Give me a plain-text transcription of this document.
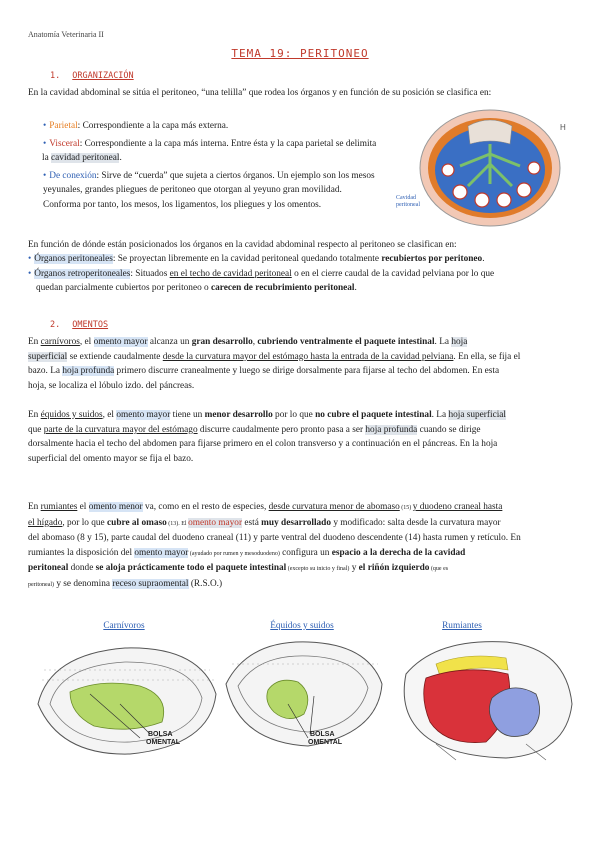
Anatomía Veterinaria II
TEMA 19: PERITONEO
1. ORGANIZACIÓN

En la cavidad abdominal se sitúa el peritoneo, “una telilla” que rodea los órganos y en función de su posición se clasifica en:

• Parietal: Correspondiente a la capa más externa.
• Visceral: Correspondiente a la capa más interna. Entre ésta y la capa parietal se delimita
la cavidad peritoneal.
• De conexión: Sirve de “cuerda” que sujeta a ciertos órganos. Un ejemplo son los mesos
yeyunales, grandes pliegues de peritoneo que otorgan al yeyuno gran movilidad.
Conforma por tanto, los mesos, los ligamentos, los pliegues y los omentos.
H
Cavidad peritoneal

En función de dónde están posicionados los órganos en la cavidad abdominal respecto al peritoneo se clasifican en:

• Órganos peritoneales: Se proyectan libremente en la cavidad peritoneal quedando totalmente recubiertos por peritoneo.
• Órganos retroperitoneales: Situados en el techo de cavidad peritoneal o en el cierre caudal de la cavidad pelviana por lo que
quedan parcialmente cubiertos por peritoneo o carecen de recubrimiento peritoneal.
2. OMENTOS
En carnívoros, el omento mayor alcanza un gran desarrollo, cubriendo ventralmente el paquete intestinal. La hoja
superficial se extiende caudalmente desde la curvatura mayor del estómago hasta la entrada de la cavidad pelviana. En ella, se fija el
bazo. La hoja profunda primero discurre cranealmente y luego se dirige dorsalmente para fijarse al techo del abdomen. En esta
hoja, se localiza el lóbulo izdo. del páncreas.
En équidos y suidos, el omento mayor tiene un menor desarrollo por lo que no cubre el paquete intestinal. La hoja superficial
que parte de la curvatura mayor del estómago discurre caudalmente pero pronto pasa a ser hoja profunda cuando se dirige
dorsalmente hacia el techo del abdomen para fijarse primero en el colon transverso y a continuación en el páncreas. En la hoja
superficial del omento mayor se fija el bazo.
En rumiantes el omento menor va, como en el resto de especies, desde curvatura menor de abomaso (15) y duodeno craneal hasta
el hígado, por lo que cubre al omaso (13). El omento mayor está muy desarrollado y modificado: salta desde la curvatura mayor
del abomaso (8 y 15), parte caudal del duodeno craneal (11) y parte ventral del duodeno descendente (14) hasta rumen y retículo. En
rumiantes la disposición del omento mayor (ayudado por rumen y mesoduodeno) configura un espacio a la derecha de la cavidad
peritoneal donde se aloja prácticamente todo el paquete intestinal (excepto su inicio y final) y el riñón izquierdo (que es
peritoneal) y se denomina receso supraomental (R.S.O.)
Carnívoros	Équidos y suidos	Rumiantes
BOLSA
OMENTAL
BOLSA
OMENTAL
